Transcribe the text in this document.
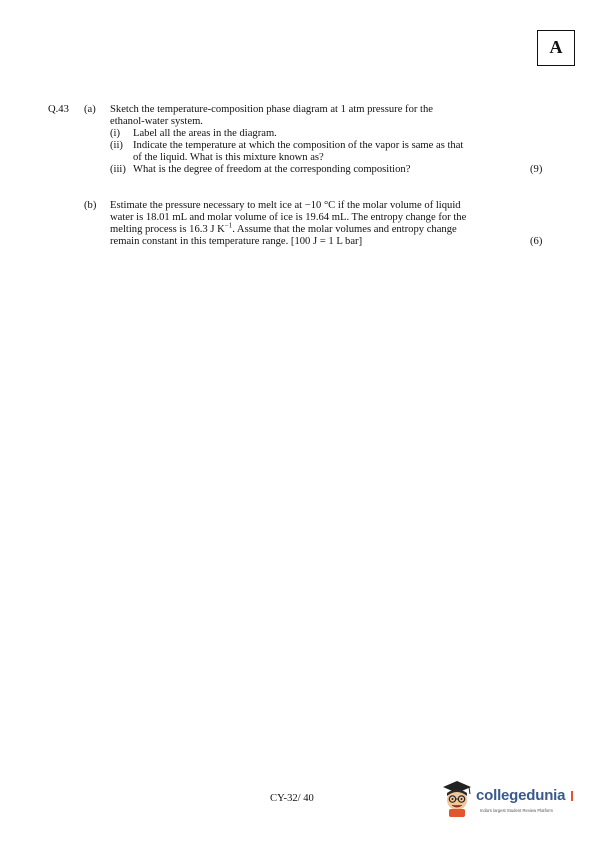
A
Q.43 (a) Sketch the temperature-composition phase diagram at 1 atm pressure for the
ethanol-water system.
(i) Label all the areas in the diagram.
(ii) Indicate the temperature at which the composition of the vapor is same as that
of the liquid. What is this mixture known as?
(iii) What is the degree of freedom at the corresponding composition?	(9)
(b) Estimate the pressure necessary to melt ice at −10 °C if the molar volume of liquid
water is 18.01 mL and molar volume of ice is 19.64 mL. The entropy change for the
melting process is 16.3 J $K^{-1}$. Assume that the molar volumes and entropy change
remain constant in this temperature range. [100 J = 1 L bar]	(6)
CY-32/ 40	collegedunia
India's largest Student Review Platform
